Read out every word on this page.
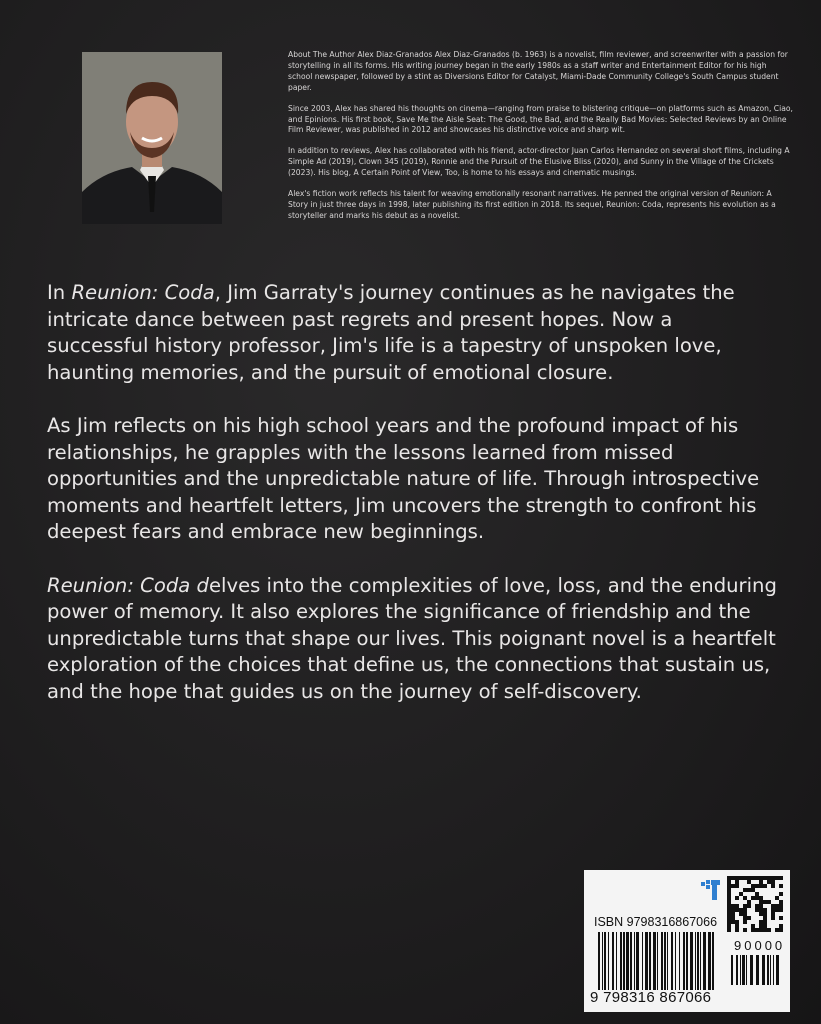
About The Author Alex Diaz-Granados Alex Diaz-Granados (b. 1963) is a novelist, film reviewer, and screenwriter with a passion for storytelling in all its forms. His writing journey began in the early 1980s as a staff writer and Entertainment Editor for his high school newspaper, followed by a stint as Diversions Editor for Catalyst, Miami-Dade Community College's South Campus student paper.

Since 2003, Alex has shared his thoughts on cinema—ranging from praise to blistering critique—on platforms such as Amazon, Ciao, and Epinions. His first book, Save Me the Aisle Seat: The Good, the Bad, and the Really Bad Movies: Selected Reviews by an Online Film Reviewer, was published in 2012 and showcases his distinctive voice and sharp wit.

In addition to reviews, Alex has collaborated with his friend, actor-director Juan Carlos Hernandez on several short films, including A Simple Ad (2019), Clown 345 (2019), Ronnie and the Pursuit of the Elusive Bliss (2020), and Sunny in the Village of the Crickets (2023). His blog, A Certain Point of View, Too, is home to his essays and cinematic musings.

Alex's fiction work reflects his talent for weaving emotionally resonant narratives. He penned the original version of Reunion: A Story in just three days in 1998, later publishing its first edition in 2018. Its sequel, Reunion: Coda, represents his evolution as a storyteller and marks his debut as a novelist.

In Reunion: Coda, Jim Garraty's journey continues as he navigates the intricate dance between past regrets and present hopes. Now a successful history professor, Jim's life is a tapestry of unspoken love, haunting memories, and the pursuit of emotional closure.

As Jim reflects on his high school years and the profound impact of his relationships, he grapples with the lessons learned from missed opportunities and the unpredictable nature of life. Through introspective moments and heartfelt letters, Jim uncovers the strength to confront his deepest fears and embrace new beginnings.

Reunion: Coda delves into the complexities of love, loss, and the enduring power of memory. It also explores the significance of friendship and the unpredictable turns that shape our lives. This poignant novel is a heartfelt exploration of the choices that define us, the connections that sustain us, and the hope that guides us on the journey of self-discovery.

ISBN 9798316867066
9 798316 867066
90000
